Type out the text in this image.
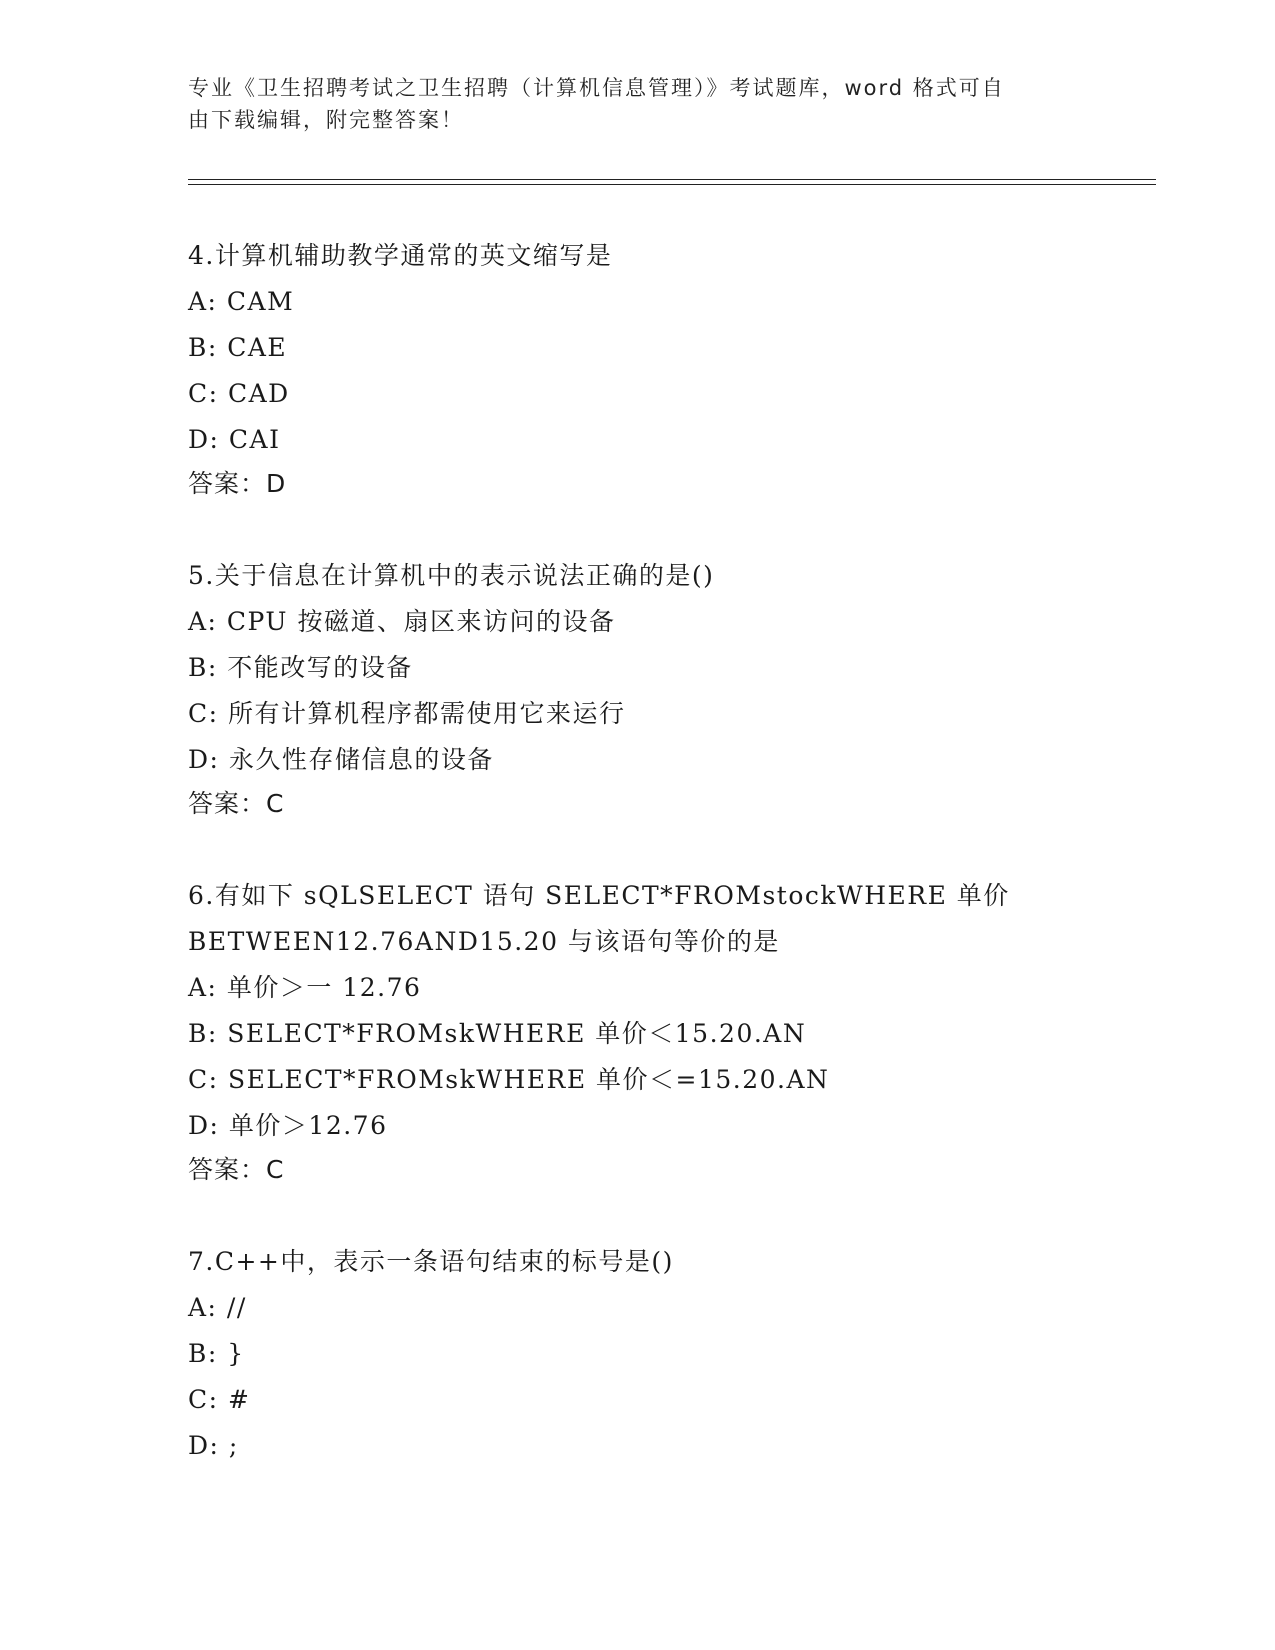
专业《卫生招聘考试之卫生招聘（计算机信息管理）》考试题库，word 格式可自
由下载编辑，附完整答案！
4.计算机辅助教学通常的英文缩写是
A: CAM
B: CAE
C: CAD
D: CAI
答案：D
5.关于信息在计算机中的表示说法正确的是()
A: CPU 按磁道、扇区来访问的设备
B: 不能改写的设备
C: 所有计算机程序都需使用它来运行
D: 永久性存储信息的设备
答案：C
6.有如下 sQLSELECT 语句 SELECT*FROMstockWHERE 单价
BETWEEN12.76AND15.20 与该语句等价的是
A: 单价＞一 12.76
B: SELECT*FROMskWHERE 单价＜15.20.AN
C: SELECT*FROMskWHERE 单价＜=15.20.AN
D: 单价＞12.76
答案：C
7.C++中，表示一条语句结束的标号是()
A: //
B: }
C: #
D: ;
